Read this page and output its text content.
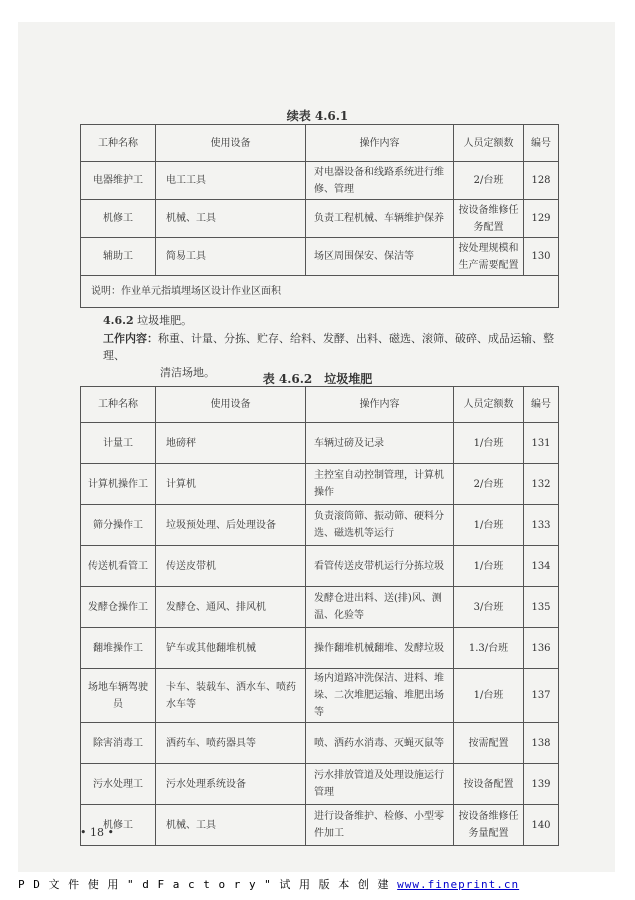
续表 4.6.1
工种名称	使用设备	操作内容	人员定额数	编号
电器维护工	电工工具	对电器设备和线路系统进行维修、管理	2/台班	128
机修工	机械、工具	负责工程机械、车辆维护保养	按设备维修任务配置	129
辅助工	简易工具	场区周围保安、保洁等	按处理规模和生产需要配置	130
说明：作业单元指填埋场区设计作业区面积				
4.6.2 垃圾堆肥。
工作内容：称重、计量、分拣、贮存、给料、发酵、出料、磁选、滚筛、破碎、成品运输、整理、
清洁场地。	表 4.6.2　垃圾堆肥
工种名称	使用设备	操作内容	人员定额数	编号
计量工	地磅秤	车辆过磅及记录	1/台班	131
计算机操作工	计算机	主控室自动控制管理，计算机操作	2/台班	132
筛分操作工	垃圾预处理、后处理设备	负责滚筒筛、振动筛、硬料分选、磁选机等运行	1/台班	133
传送机看管工	传送皮带机	看管传送皮带机运行分拣垃圾	1/台班	134
发酵仓操作工	发酵仓、通风、排风机	发酵仓进出料、送(排)风、测温、化验等	3/台班	135
翻堆操作工	铲车或其他翻堆机械	操作翻堆机械翻堆、发酵垃圾	1.3/台班	136
场地车辆驾驶员	卡车、装载车、洒水车、喷药水车等	场内道路冲洗保洁、进料、堆垛、二次堆肥运输、堆肥出场等	1/台班	137
除害消毒工	洒药车、喷药器具等	喷、洒药水消毒、灭蝇灭鼠等	按需配置	138
污水处理工	污水处理系统设备	污水排放管道及处理设施运行管理	按设备配置	139
机修工	机械、工具	进行设备维护、检修、小型零件加工	按设备维修任务量配置	140
• 18 •
P D 文 件 使 用 " d F a c t o r y " 试 用 版 本 创 建 www.fineprint.cn
